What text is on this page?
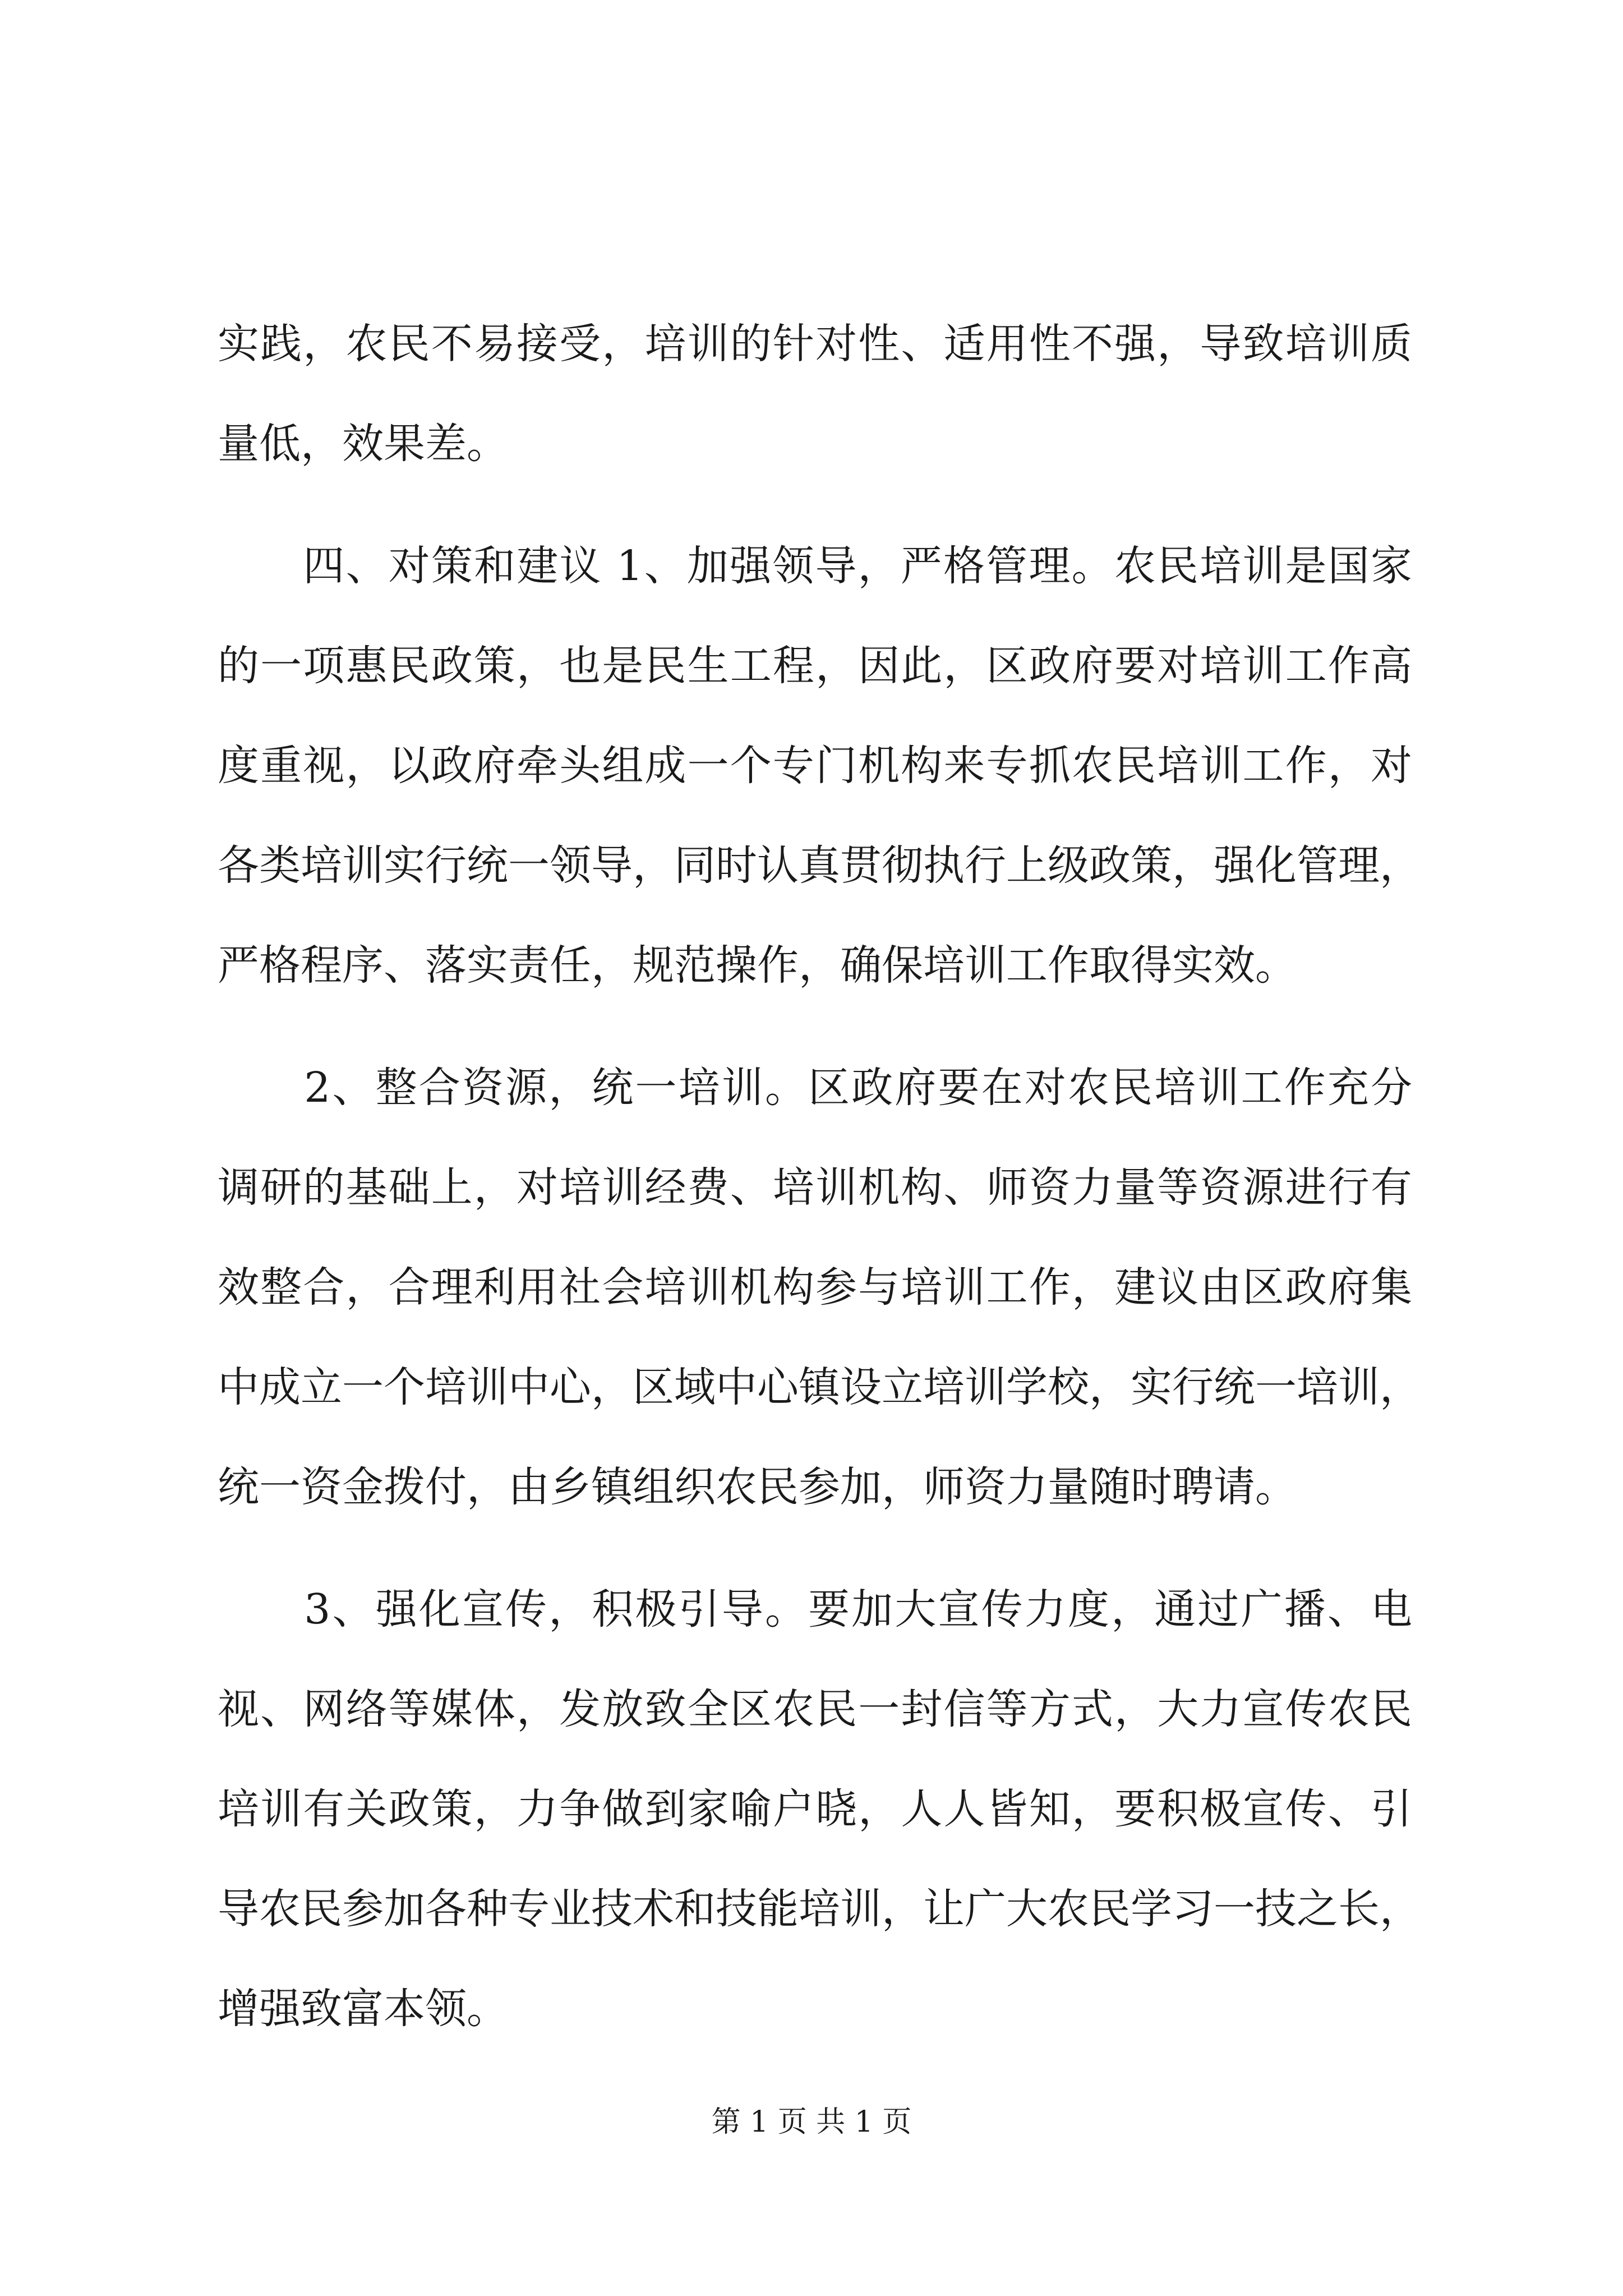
实践，农民不易接受，培训的针对性、适用性不强，导致培训质
量低，效果差。
　　四、对策和建议 1、加强领导，严格管理。农民培训是国家
的一项惠民政策，也是民生工程，因此，区政府要对培训工作高
度重视，以政府牵头组成一个专门机构来专抓农民培训工作，对
各类培训实行统一领导，同时认真贯彻执行上级政策，强化管理，
严格程序、落实责任，规范操作，确保培训工作取得实效。
　　2、整合资源，统一培训。区政府要在对农民培训工作充分
调研的基础上，对培训经费、培训机构、师资力量等资源进行有
效整合，合理利用社会培训机构参与培训工作，建议由区政府集
中成立一个培训中心，区域中心镇设立培训学校，实行统一培训，
统一资金拨付，由乡镇组织农民参加，师资力量随时聘请。
　　3、强化宣传，积极引导。要加大宣传力度，通过广播、电
视、网络等媒体，发放致全区农民一封信等方式，大力宣传农民
培训有关政策，力争做到家喻户晓，人人皆知，要积极宣传、引
导农民参加各种专业技术和技能培训，让广大农民学习一技之长，
增强致富本领。
第 1 页 共 1 页
